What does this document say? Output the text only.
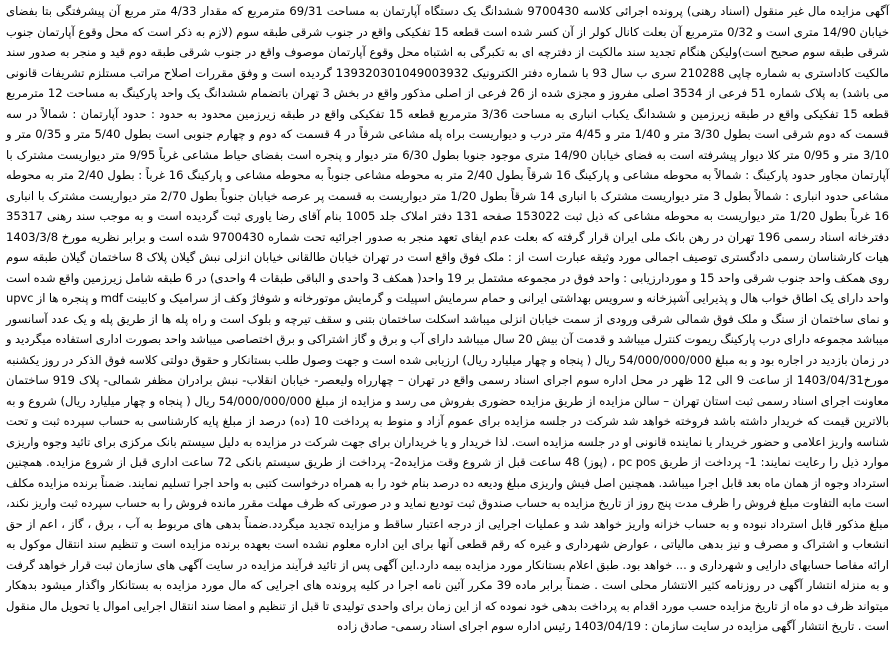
آگهی مزایده مال غیر منقول (اسناد رهنی) پرونده اجرائی کلاسه 9700430 ششدانگ یک دستگاه آپارتمان به مساحت 69/31 مترمربع که مقدار 4/33 متر مربع آن پیشرفتگی بتا بفضای خیابان 14/90 متری است و 0/32 مترمربع آن بعلت کانال کولر از آن کسر شده است قطعه 15 تفکیکی واقع در جنوب شرقی طبقه سوم (لازم به ذکر است که محل وقوع آپارتمان جنوب شرقی طبقه سوم صحیح است)ولیکن هنگام تجدید سند مالکیت از دفترچه ای به تکبرگی به اشتباه محل وقوع آپارتمان موصوف واقع در جنوب شرقی طبقه دوم قید و منجر به صدور سند مالکیت کاداستری به شماره چاپی 210288 سری ب سال 93 با شماره دفتر الکترونیک 139320301049003932 گردیده است و وفق مقررات اصلاح مراتب مستلزم تشریفات قانونی می باشد) به پلاک شماره 51 فرعی از 3534 اصلی مفروز و مجزی شده از 26 فرعی از اصلی مذکور واقع در بخش 3 تهران باتضمام ششدانگ یک واحد پارکینگ به مساحت 12 مترمربع قطعه 15 تفکیکی واقع در طبقه زیرزمین و ششدانگ یکباب انباری به مساحت 3/36 مترمربع قطعه 15 تفکیکی واقع در طبقه زیرزمین محدود به حدود : حدود آپارتمان : شمالاً در سه قسمت که دوم شرقی است بطول 3/30 متر و 1/40 متر و 4/45 متر درب و دیواریست براه پله مشاعی شرقاً در 4 قسمت که دوم و چهارم جنوبی است بطول 5/40 متر و 0/35 متر و 3/10 متر و 0/95 متر کلا دیوار پیشرفته است به فضای خیابان 14/90 متری موجود جنوبا بطول 6/30 متر دیوار و پنجره است بفضای حیاط مشاعی غرباً 9/95 متر دیواریست مشترک با آپارتمان مجاور حدود پارکینگ : شمالاً به محوطه مشاعی و پارکینگ 16 شرقاً بطول 2/40 متر به محوطه مشاعی جنوباً به محوطه مشاعی و پارکینگ 16 غرباً : بطول 2/40 متر به محوطه مشاعی حدود انباری : شمالاً بطول 3 متر دیواریست مشترک با انباری 14 شرقاً بطول 1/20 متر دیواریست به قسمت پر عرصه خیابان جنوباً بطول 2/70 متر دیواریست مشترک با انباری 16 غرباً بطول 1/20 متر دیواریست به محوطه مشاعی که ذیل ثبت 153022 صفحه 131 دفتر املاک جلد 1005 بنام آقای رضا یاوری ثبت گردیده است و به موجب سند رهنی 35317 دفترخانه اسناد رسمی 196 تهران در رهن بانک ملی ایران قرار گرفته که بعلت عدم ایفای تعهد منجر به صدور اجرائیه تحت شماره 9700430 شده است و برابر نظریه مورخ 1403/3/8 هیات کارشناسان رسمی دادگستری توصیف اجمالی مورد وثیقه عبارت است از : ملک فوق واقع است در تهران خیابان طالقانی خیابان انزلی نبش گیلان پلاک 8 ساختمان گیلان طبقه سوم روی همکف واحد جنوب شرقی واحد 15 و موردارزیابی : واحد فوق در مجموعه مشتمل بر 19 واحد( همکف 3 واحدی و الباقی طبقات 4 واحدی) در 6 طبقه شامل زیرزمین واقع شده است واحد دارای یک اطاق خواب هال و پذیرایی آشپزخانه و سرویس بهداشتی ایرانی و حمام سرمایش اسپیلت و گرمایش موتورخانه و شوفاژ وکف از سرامیک و کابینت mdf و پنجره ها از upvc و نمای ساختمان از سنگ و ملک فوق شمالی شرقی ورودی از سمت خیابان انزلی میباشد اسکلت ساختمان بتنی و سقف تیرچه و بلوک است و راه پله ها از طریق پله و یک عدد آسانسور میباشد مجموعه دارای درب پارکینگ ریموت کنترل میباشد و قدمت آن بیش 20 سال میباشد دارای آب و برق و گاز اشتراکی و برق اختصاصی میباشد واحد بصورت اداری استفاده میگردید و در زمان بازدید در اجاره بود و به مبلغ 54/000/000/000 ریال ( پنجاه و چهار میلیارد ریال) ارزیابی شده است و جهت وصول طلب بستانکار و حقوق دولتی کلاسه فوق الذکر در روز یکشنبه مورخ1403/04/31 از ساعت 9 الی 12 ظهر در محل اداره سوم اجرای اسناد رسمی واقع در تهران – چهارراه ولیعصر- خیابان انقلاب- نبش برادران مظفر شمالی- پلاک 919 ساختمان معاونت اجرای اسناد رسمی ثبت استان تهران – سالن مزایده از طریق مزایده حضوری بفروش می رسد و مزایده از مبلغ 54/000/000/000 ریال ( پنجاه و چهار میلیارد ریال) شروع و به بالاترین قیمت که خریدار داشته باشد فروخته خواهد شد شرکت در جلسه مزایده برای عموم آزاد و منوط به پرداخت 10 (ده) درصد از مبلغ پایه کارشناسی به حساب سپرده ثبت و تحت شناسه واریز اعلامی و حضور خریدار یا نماینده قانونی او در جلسه مزایده است. لذا خریدار و یا خریداران برای جهت شرکت در مزایده به دلیل سیستم بانک مرکزی برای تائید وجوه واریزی موارد ذیل را رعایت نمایند: 1- پرداخت از طریق pc pos ، (پوز) 48 ساعت قبل از شروع وقت مزایده2- پرداخت از طریق سیستم بانکی 72 ساعت اداری قبل از شروع مزایده. همچنین استرداد وجوه از همان ماه بعد قابل اجرا میباشد. همچنین اصل فیش واریزی مبلغ ودیعه ده درصد بنام خود را به همراه درخواست کتبی به واحد اجرا تسلیم نمایند. ضمناً برنده مزایده مکلف است مابه التفاوت مبلغ فروش را ظرف مدت پنج روز از تاریخ مزایده به حساب صندوق ثبت تودیع نماید و در صورتی که ظرف مهلت مقرر مانده فروش را به حساب سپرده ثبت واریز نکند، مبلغ مذکور قابل استرداد نبوده و به حساب خزانه واریز خواهد شد و عملیات اجرایی از درجه اعتبار ساقط و مزایده تجدید میگردد.ضمناً بدهی های مربوط به آب ، برق ، گاز ، اعم از حق انشعاب و اشتراک و مصرف و نیز بدهی مالیاتی ، عوارض شهرداری و غیره که رقم قطعی آنها برای این اداره معلوم نشده است بعهده برنده مزایده است و تنظیم سند انتقال موکول به ارائه مفاصا حسابهای دارایی و شهرداری و ... خواهد بود. طبق اعلام بستانکار مورد مزایده بیمه دارد.این آگهی پس از تائید فرآیند مزایده در سایت آگهی های سازمان ثبت قرار خواهد گرفت و به منزله انتشار آگهی در روزنامه کثیر الانتشار محلی است . ضمناً برابر ماده 39 مکرر آئین نامه اجرا در کلیه پرونده های اجرایی که مال مورد مزایده به بستانکار واگذار میشود بدهکار میتواند ظرف دو ماه از تاریخ مزایده حسب مورد اقدام به پرداخت بدهی خود نموده که از این زمان برای واحدی تولیدی تا قبل از تنظیم و امضا سند انتقال اجرایی اموال یا تحویل مال منقول است . تاریخ انتشار آگهی مزایده در سایت سازمان : 1403/04/19 رئیس اداره سوم اجرای اسناد رسمی- صادق زاده
